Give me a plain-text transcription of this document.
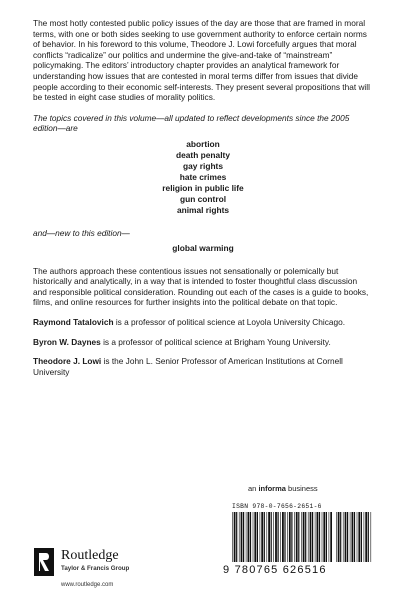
The most hotly contested public policy issues of the day are those that are framed in moral terms, with one or both sides seeking to use government authority to enforce certain norms of behavior. In his foreword to this volume, Theodore J. Lowi forcefully argues that moral conflicts “radicalize” our politics and undermine the give-and-take of “mainstream” policymaking. The editors’ introductory chapter provides an analytical framework for understanding how issues that are contested in moral terms differ from issues that divide people according to their economic self-interests. They present several propositions that will be tested in eight case studies of morality politics.

The topics covered in this volume—all updated to reflect developments since the 2005 edition—are

abortion
death penalty
gay rights
hate crimes
religion in public life
gun control
animal rights

and—new to this edition—

global warming

The authors approach these contentious issues not sensationally or polemically but historically and analytically, in a way that is intended to foster thoughtful class discussion and responsible political consideration. Rounding out each of the cases is a guide to books, films, and online resources for further insights into the political debate on that topic.

Raymond Tatalovich is a professor of political science at Loyola University Chicago.

Byron W. Daynes is a professor of political science at Brigham Young University.

Theodore J. Lowi is the John L. Senior Professor of American Institutions at Cornell University

an informa business
ISBN 978-0-7656-2651-6
9 780765 626516
Routledge
Taylor & Francis Group
www.routledge.com
